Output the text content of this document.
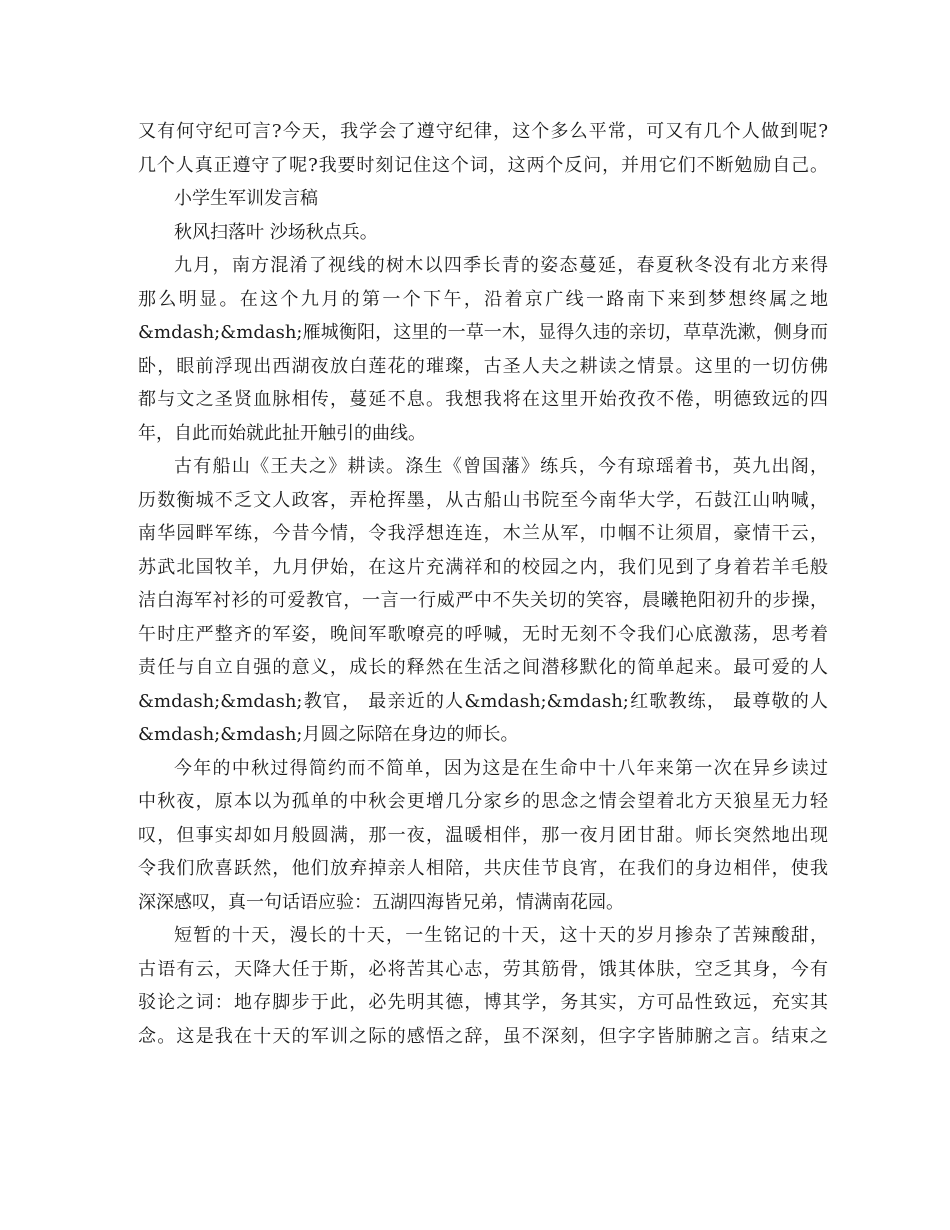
又有何守纪可言?今天，我学会了遵守纪律，这个多么平常，可又有几个人做到呢?
几个人真正遵守了呢?我要时刻记住这个词，这两个反问，并用它们不断勉励自己。
小学生军训发言稿
秋风扫落叶 沙场秋点兵。
九月，南方混淆了视线的树木以四季长青的姿态蔓延，春夏秋冬没有北方来得
那么明显。在这个九月的第一个下午，沿着京广线一路南下来到梦想终属之地
&mdash;&mdash;雁城衡阳，这里的一草一木，显得久违的亲切，草草洗漱，侧身而
卧，眼前浮现出西湖夜放白莲花的璀璨，古圣人夫之耕读之情景。这里的一切仿佛
都与文之圣贤血脉相传，蔓延不息。我想我将在这里开始孜孜不倦，明德致远的四
年，自此而始就此扯开触引的曲线。
古有船山《王夫之》耕读。涤生《曾国藩》练兵，今有琼瑶着书，英九出阁，
历数衡城不乏文人政客，弄枪挥墨，从古船山书院至今南华大学，石鼓江山呐喊，
南华园畔军练，今昔今情，令我浮想连连，木兰从军，巾帼不让须眉，豪情干云，
苏武北国牧羊，九月伊始，在这片充满祥和的校园之内，我们见到了身着若羊毛般
洁白海军衬衫的可爱教官，一言一行威严中不失关切的笑容，晨曦艳阳初升的步操，
午时庄严整齐的军姿，晚间军歌嘹亮的呼喊，无时无刻不令我们心底激荡，思考着
责任与自立自强的意义，成长的释然在生活之间潜移默化的简单起来。最可爱的人
&mdash;&mdash;教官， 最亲近的人&mdash;&mdash;红歌教练， 最尊敬的人
&mdash;&mdash;月圆之际陪在身边的师长。
今年的中秋过得简约而不简单，因为这是在生命中十八年来第一次在异乡读过
中秋夜，原本以为孤单的中秋会更增几分家乡的思念之情会望着北方天狼星无力轻
叹，但事实却如月般圆满，那一夜，温暖相伴，那一夜月团甘甜。师长突然地出现
令我们欣喜跃然，他们放弃掉亲人相陪，共庆佳节良宵，在我们的身边相伴，使我
深深感叹，真一句话语应验：五湖四海皆兄弟，情满南花园。
短暂的十天，漫长的十天，一生铭记的十天，这十天的岁月掺杂了苦辣酸甜，
古语有云，天降大任于斯，必将苦其心志，劳其筋骨，饿其体肤，空乏其身，今有
驳论之词：地存脚步于此，必先明其德，博其学，务其实，方可品性致远，充实其
念。这是我在十天的军训之际的感悟之辞，虽不深刻，但字字皆肺腑之言。结束之
